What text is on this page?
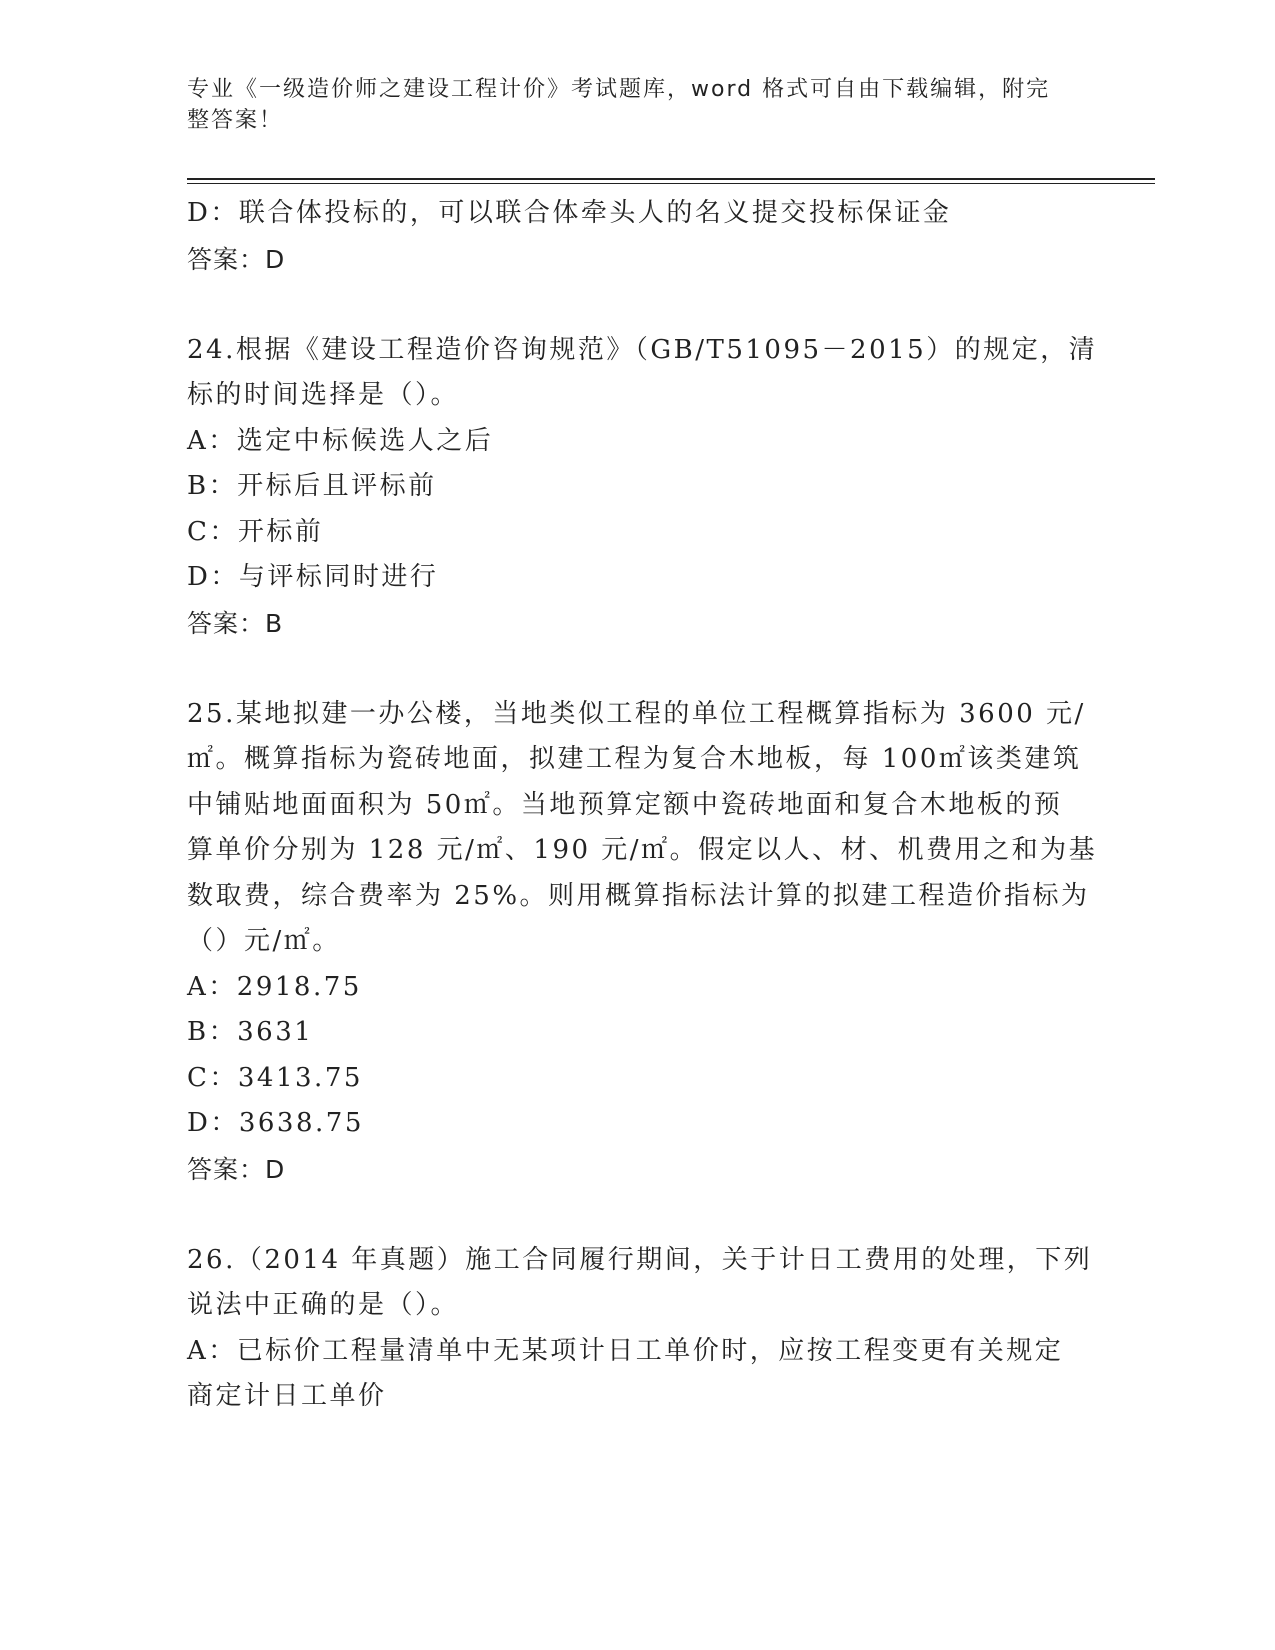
专业《一级造价师之建设工程计价》考试题库，word 格式可自由下载编辑，附完
整答案！
D：联合体投标的，可以联合体牵头人的名义提交投标保证金
答案：D
24.根据《建设工程造价咨询规范》（GB/T51095－2015）的规定，清
标的时间选择是（）。
A：选定中标候选人之后
B：开标后且评标前
C：开标前
D：与评标同时进行
答案：B
25.某地拟建一办公楼，当地类似工程的单位工程概算指标为 3600 元/
㎡。概算指标为瓷砖地面，拟建工程为复合木地板，每 100㎡该类建筑
中铺贴地面面积为 50㎡。当地预算定额中瓷砖地面和复合木地板的预
算单价分别为 128 元/㎡、190 元/㎡。假定以人、材、机费用之和为基
数取费，综合费率为 25%。则用概算指标法计算的拟建工程造价指标为
（）元/㎡。
A：2918.75
B：3631
C：3413.75
D：3638.75
答案：D
26.（2014 年真题）施工合同履行期间，关于计日工费用的处理，下列
说法中正确的是（）。
A：已标价工程量清单中无某项计日工单价时，应按工程变更有关规定
商定计日工单价
